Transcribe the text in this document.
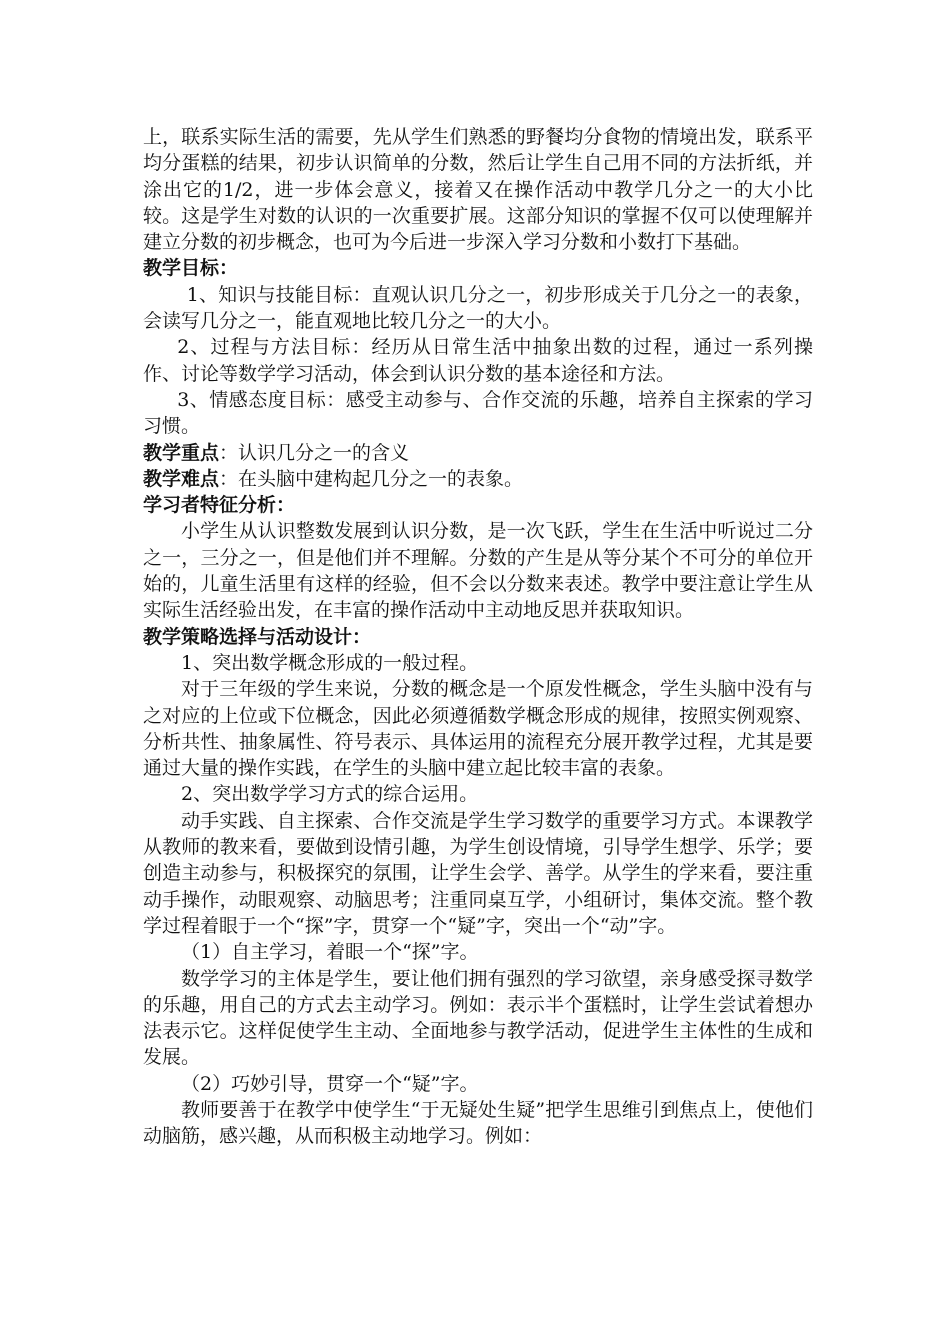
上，联系实际生活的需要，先从学生们熟悉的野餐均分食物的情境出发，联系平均分蛋糕的结果，初步认识简单的分数，然后让学生自己用不同的方法折纸，并涂出它的1/2，进一步体会意义，接着又在操作活动中教学几分之一的大小比较。这是学生对数的认识的一次重要扩展。这部分知识的掌握不仅可以使理解并建立分数的初步概念，也可为今后进一步深入学习分数和小数打下基础。

教学目标：

1、知识与技能目标：直观认识几分之一，初步形成关于几分之一的表象，会读写几分之一，能直观地比较几分之一的大小。

2、过程与方法目标：经历从日常生活中抽象出数的过程，通过一系列操作、讨论等数学学习活动，体会到认识分数的基本途径和方法。

3、情感态度目标：感受主动参与、合作交流的乐趣，培养自主探索的学习习惯。

教学重点：认识几分之一的含义

教学难点：在头脑中建构起几分之一的表象。

学习者特征分析：

小学生从认识整数发展到认识分数，是一次飞跃，学生在生活中听说过二分之一，三分之一，但是他们并不理解。分数的产生是从等分某个不可分的单位开始的，儿童生活里有这样的经验，但不会以分数来表述。教学中要注意让学生从实际生活经验出发，在丰富的操作活动中主动地反思并获取知识。

教学策略选择与活动设计：

1、突出数学概念形成的一般过程。

对于三年级的学生来说，分数的概念是一个原发性概念，学生头脑中没有与之对应的上位或下位概念，因此必须遵循数学概念形成的规律，按照实例观察、分析共性、抽象属性、符号表示、具体运用的流程充分展开教学过程，尤其是要通过大量的操作实践，在学生的头脑中建立起比较丰富的表象。

2、突出数学学习方式的综合运用。

动手实践、自主探索、合作交流是学生学习数学的重要学习方式。本课教学从教师的教来看，要做到设情引趣，为学生创设情境，引导学生想学、乐学；要创造主动参与，积极探究的氛围，让学生会学、善学。从学生的学来看，要注重动手操作，动眼观察、动脑思考；注重同桌互学，小组研讨，集体交流。整个教学过程着眼于一个“探”字，贯穿一个“疑”字，突出一个“动”字。

（1）自主学习，着眼一个“探”字。

数学学习的主体是学生，要让他们拥有强烈的学习欲望，亲身感受探寻数学的乐趣，用自己的方式去主动学习。例如：表示半个蛋糕时，让学生尝试着想办法表示它。这样促使学生主动、全面地参与教学活动，促进学生主体性的生成和发展。

（2）巧妙引导，贯穿一个“疑”字。

教师要善于在教学中使学生“于无疑处生疑”把学生思维引到焦点上，使他们动脑筋，感兴趣，从而积极主动地学习。例如：
